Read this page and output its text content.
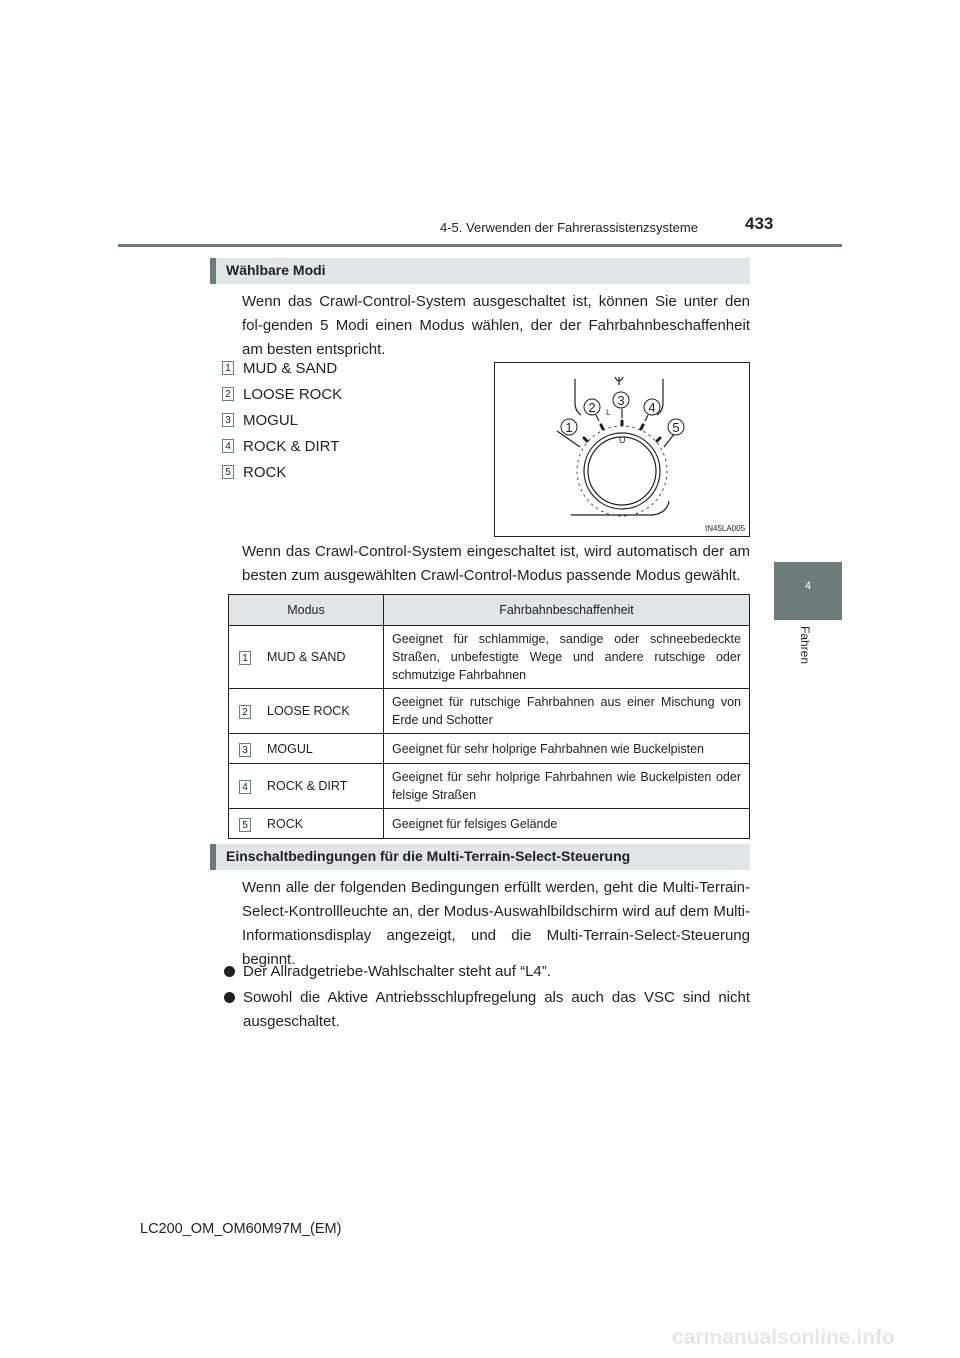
4-5. Verwenden der Fahrerassistenzsysteme	433
4
Fahren
Wählbare Modi
Wenn das Crawl-Control-System ausgeschaltet ist, können Sie unter den fol-genden 5 Modi einen Modus wählen, der der Fahrbahnbeschaffenheit am besten entspricht.
1 MUD & SAND
2 LOOSE ROCK
3 MOGUL
4 ROCK & DIRT
5 ROCK
L
U
1
2 3 4
5
IN45LA005
Wenn das Crawl-Control-System eingeschaltet ist, wird automatisch der am besten zum ausgewählten Crawl-Control-Modus passende Modus gewählt.
Modus		Fahrbahnbeschaffenheit
1	MUD & SAND	Geeignet für schlammige, sandige oder schneebedeckte Straßen, unbefestigte Wege und andere rutschige oder schmutzige Fahrbahnen
2	LOOSE ROCK	Geeignet für rutschige Fahrbahnen aus einer Mischung von Erde und Schotter
3	MOGUL	Geeignet für sehr holprige Fahrbahnen wie Buckelpisten
4	ROCK & DIRT	Geeignet für sehr holprige Fahrbahnen wie Buckelpisten oder felsige Straßen
5	ROCK	Geeignet für felsiges Gelände
Einschaltbedingungen für die Multi-Terrain-Select-Steuerung
Wenn alle der folgenden Bedingungen erfüllt werden, geht die Multi-Terrain-Select-Kontrollleuchte an, der Modus-Auswahlbildschirm wird auf dem Multi-Informationsdisplay angezeigt, und die Multi-Terrain-Select-Steuerung beginnt.
Der Allradgetriebe-Wahlschalter steht auf “L4”.
Sowohl die Aktive Antriebsschlupfregelung als auch das VSC sind nicht ausgeschaltet.
LC200_OM_OM60M97M_(EM)
carmanualsonline.info
